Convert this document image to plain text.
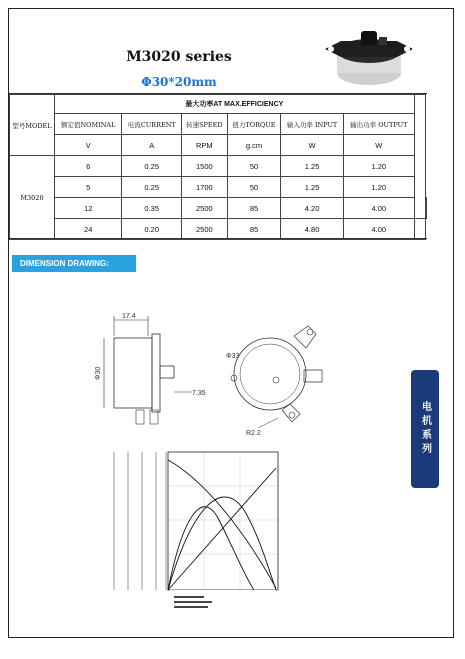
M3020 series
Φ30*20mm
型号MODEL	最大功率AT MAX.EFFICIENCY							
	额定值NOMINAL	电流CURRENT	转速SPEED	扭力TORQUE	输入功率 INPUT	输出功率 OUTPUT		
	V	A	RPM	g.cm	W	W		
M3020	6	0.25	1500	50	1.25	1.20		
	5	0.25	1700	50	1.25	1.20		
	12	0.35	2500	85	4.20	4.00		
	24	0.20	2500	85	4.80	4.00		
DIMENSION DRAWING:
17.4
Φ30
7.35
Φ33
R2.2	电机系列
